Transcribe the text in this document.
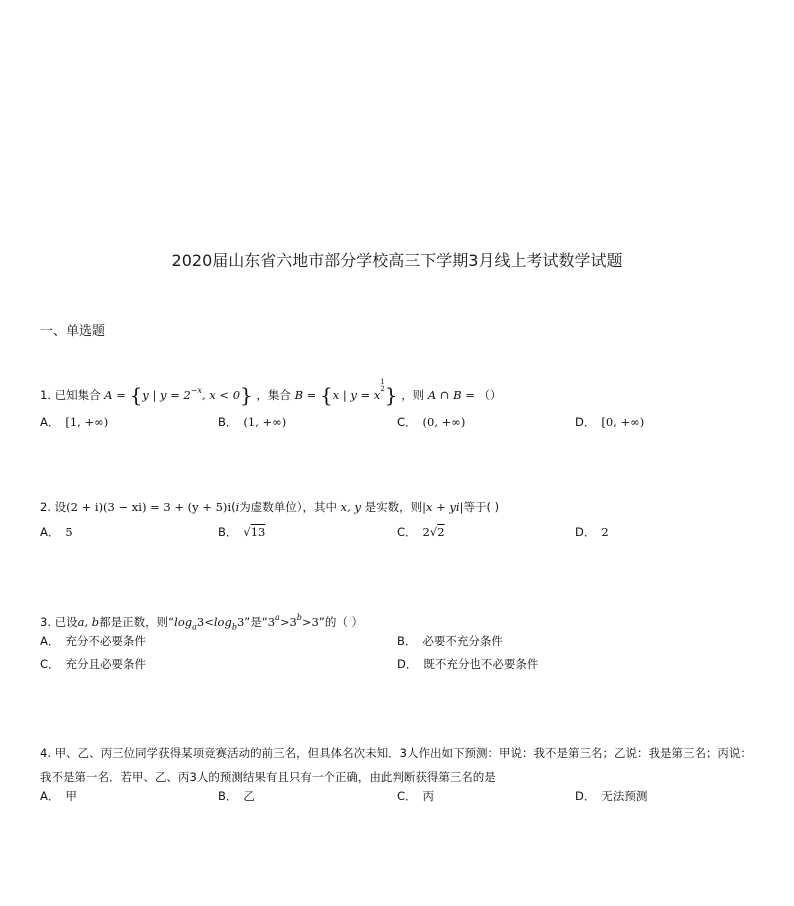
2020届山东省六地市部分学校高三下学期3月线上考试数学试题
一、单选题
1. 已知集合 A = {y | $y = 2^{-x}$, x < 0} ，集合 B = {x | y = x1
2} ，则 A ∩ B = （）
A． [1, +∞)	B． (1, +∞)	C． (0, +∞)	D． [0, +∞)
2. 设(2 + i)(3 − xi) = 3 + (y + 5)i(i为虚数单位），其中 x, y 是实数，则|x + yi|等于( )
A． 5	B． √13	C． 2√2	D． 2
3. 已设a, b都是正数，则“$\log_a3<\log_b3$”是“$3^a>3^b>3$”的（ ）
A． 充分不必要条件	B． 必要不充分条件
C． 充分且必要条件	D． 既不充分也不必要条件
4. 甲、乙、丙三位同学获得某项竞赛活动的前三名，但具体名次未知．3人作出如下预测：甲说：我不是第三名；乙说：我是第三名；丙说：我不是第一名．若甲、乙、丙3人的预测结果有且只有一个正确，由此判断获得第三名的是
A． 甲	B． 乙	C． 丙	D． 无法预测
